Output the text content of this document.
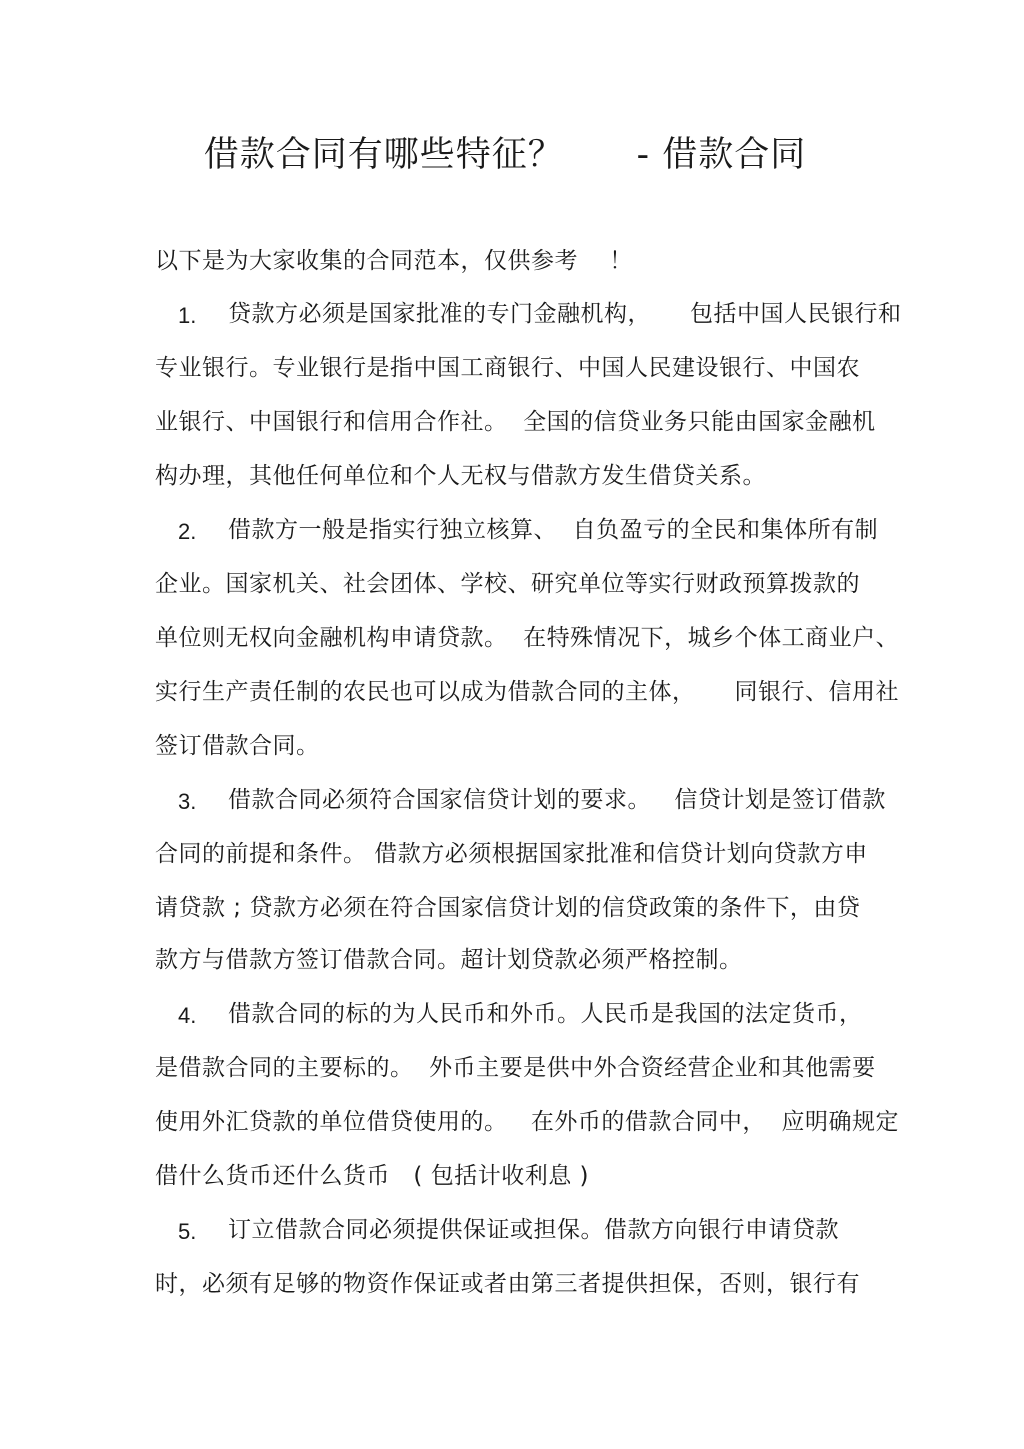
借款合同有哪些特征？      - 借款合同
以下是为大家收集的合同范本，仅供参考    ！
1. 贷款方必须是国家批准的专门金融机构，     包括中国人民银行和
专业银行。专业银行是指中国工商银行、中国人民建设银行、中国农
业银行、中国银行和信用合作社。  全国的信贷业务只能由国家金融机
构办理，其他任何单位和个人无权与借款方发生借贷关系。
2. 借款方一般是指实行独立核算、  自负盈亏的全民和集体所有制
企业。国家机关、社会团体、学校、研究单位等实行财政预算拨款的
单位则无权向金融机构申请贷款。  在特殊情况下，城乡个体工商业户、
实行生产责任制的农民也可以成为借款合同的主体，     同银行、信用社
签订借款合同。
3. 借款合同必须符合国家信贷计划的要求。   信贷计划是签订借款
合同的前提和条件。 借款方必须根据国家批准和信贷计划向贷款方申
请贷款 ; 贷款方必须在符合国家信贷计划的信贷政策的条件下，由贷
款方与借款方签订借款合同。超计划贷款必须严格控制。
4. 借款合同的标的为人民币和外币。人民币是我国的法定货币，
是借款合同的主要标的。  外币主要是供中外合资经营企业和其他需要
使用外汇贷款的单位借贷使用的。   在外币的借款合同中，  应明确规定
借什么货币还什么货币   ( 包括计收利息 )
5. 订立借款合同必须提供保证或担保。借款方向银行申请贷款
时，必须有足够的物资作保证或者由第三者提供担保，否则，银行有
